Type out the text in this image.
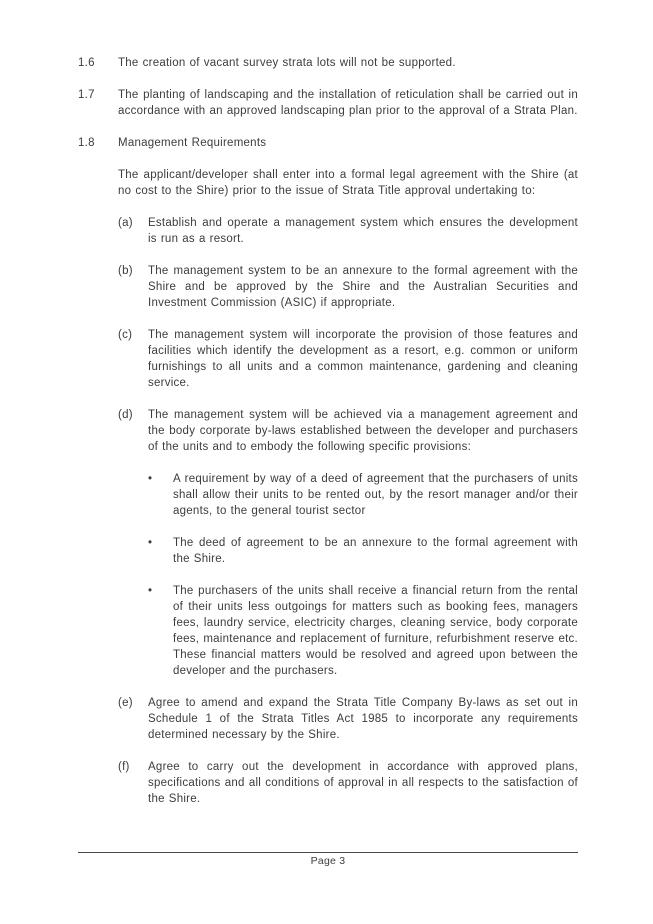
1.6	The creation of vacant survey strata lots will not be supported.
1.7	The planting of landscaping and the installation of reticulation shall be carried out in accordance with an approved landscaping plan prior to the approval of a Strata Plan.
1.8	Management Requirements
The applicant/developer shall enter into a formal legal agreement with the Shire (at no cost to the Shire) prior to the issue of Strata Title approval undertaking to:
(a)	Establish and operate a management system which ensures the development is run as a resort.
(b)	The management system to be an annexure to the formal agreement with the Shire and be approved by the Shire and the Australian Securities and Investment Commission (ASIC) if appropriate.
(c)	The management system will incorporate the provision of those features and facilities which identify the development as a resort, e.g. common or uniform furnishings to all units and a common maintenance, gardening and cleaning service.
(d)	The management system will be achieved via a management agreement and the body corporate by-laws established between the developer and purchasers of the units and to embody the following specific provisions:
•	A requirement by way of a deed of agreement that the purchasers of units shall allow their units to be rented out, by the resort manager and/or their agents, to the general tourist sector
•	The deed of agreement to be an annexure to the formal agreement with the Shire.
•	The purchasers of the units shall receive a financial return from the rental of their units less outgoings for matters such as booking fees, managers fees, laundry service, electricity charges, cleaning service, body corporate fees, maintenance and replacement of furniture, refurbishment reserve etc. These financial matters would be resolved and agreed upon between the developer and the purchasers.
(e)	Agree to amend and expand the Strata Title Company By-laws as set out in Schedule 1 of the Strata Titles Act 1985 to incorporate any requirements determined necessary by the Shire.
(f)	Agree to carry out the development in accordance with approved plans, specifications and all conditions of approval in all respects to the satisfaction of the Shire.
Page 3
